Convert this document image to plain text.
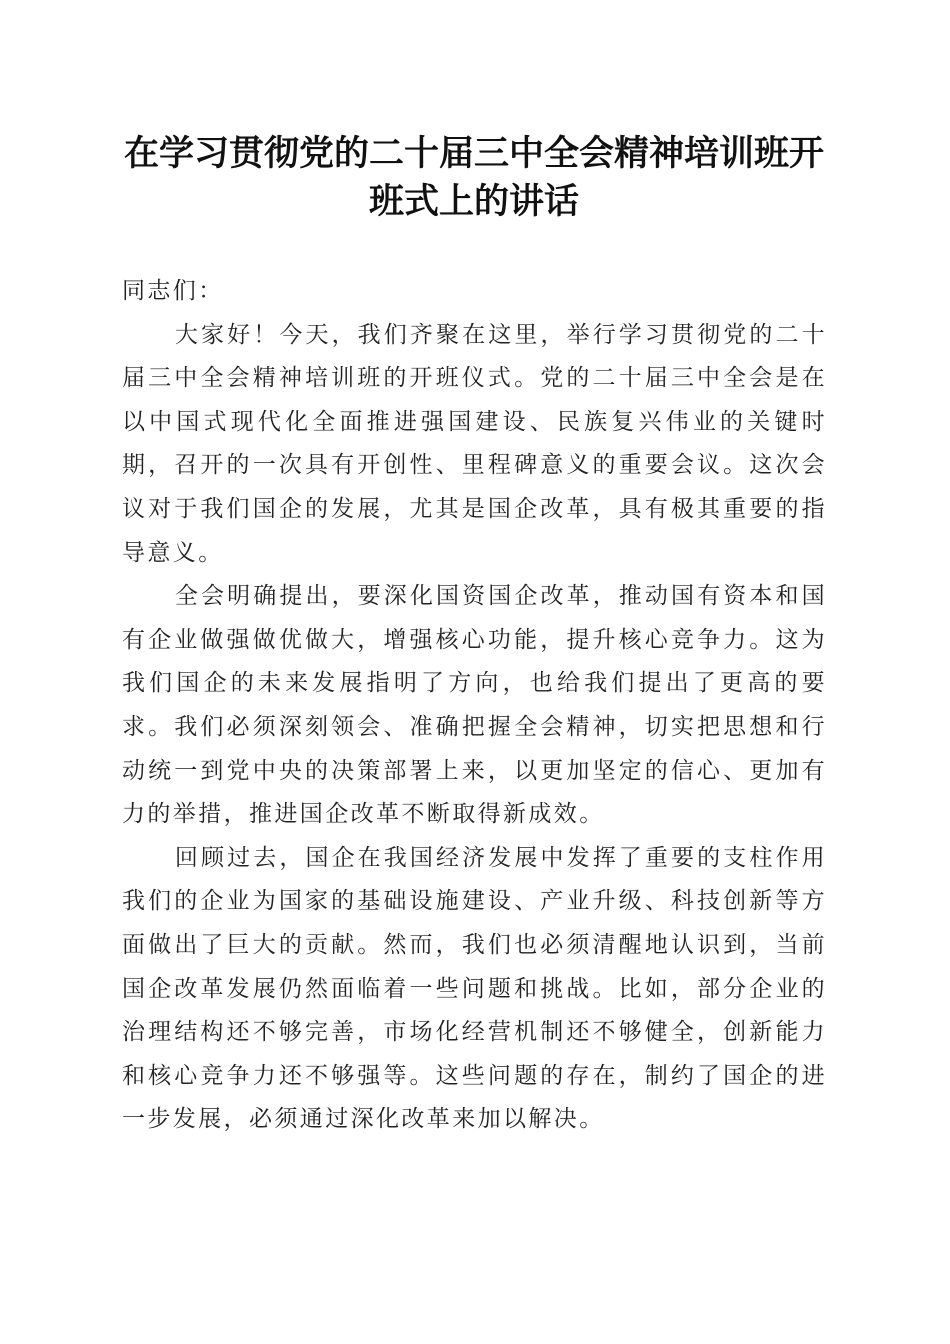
在学习贯彻党的二十届三中全会精神培训班开
班式上的讲话

同志们：

大家好！今天，我们齐聚在这里，举行学习贯彻党的二十届三中全会精神培训班的开班仪式。党的二十届三中全会是在以中国式现代化全面推进强国建设、民族复兴伟业的关键时期，召开的一次具有开创性、里程碑意义的重要会议。这次会议对于我们国企的发展，尤其是国企改革，具有极其重要的指导意义。

全会明确提出，要深化国资国企改革，推动国有资本和国有企业做强做优做大，增强核心功能，提升核心竞争力。这为我们国企的未来发展指明了方向，也给我们提出了更高的要求。我们必须深刻领会、准确把握全会精神，切实把思想和行动统一到党中央的决策部署上来，以更加坚定的信心、更加有力的举措，推进国企改革不断取得新成效。

回顾过去，国企在我国经济发展中发挥了重要的支柱作用我们的企业为国家的基础设施建设、产业升级、科技创新等方面做出了巨大的贡献。然而，我们也必须清醒地认识到，当前国企改革发展仍然面临着一些问题和挑战。比如，部分企业的治理结构还不够完善，市场化经营机制还不够健全，创新能力和核心竞争力还不够强等。这些问题的存在，制约了国企的进一步发展，必须通过深化改革来加以解决。
